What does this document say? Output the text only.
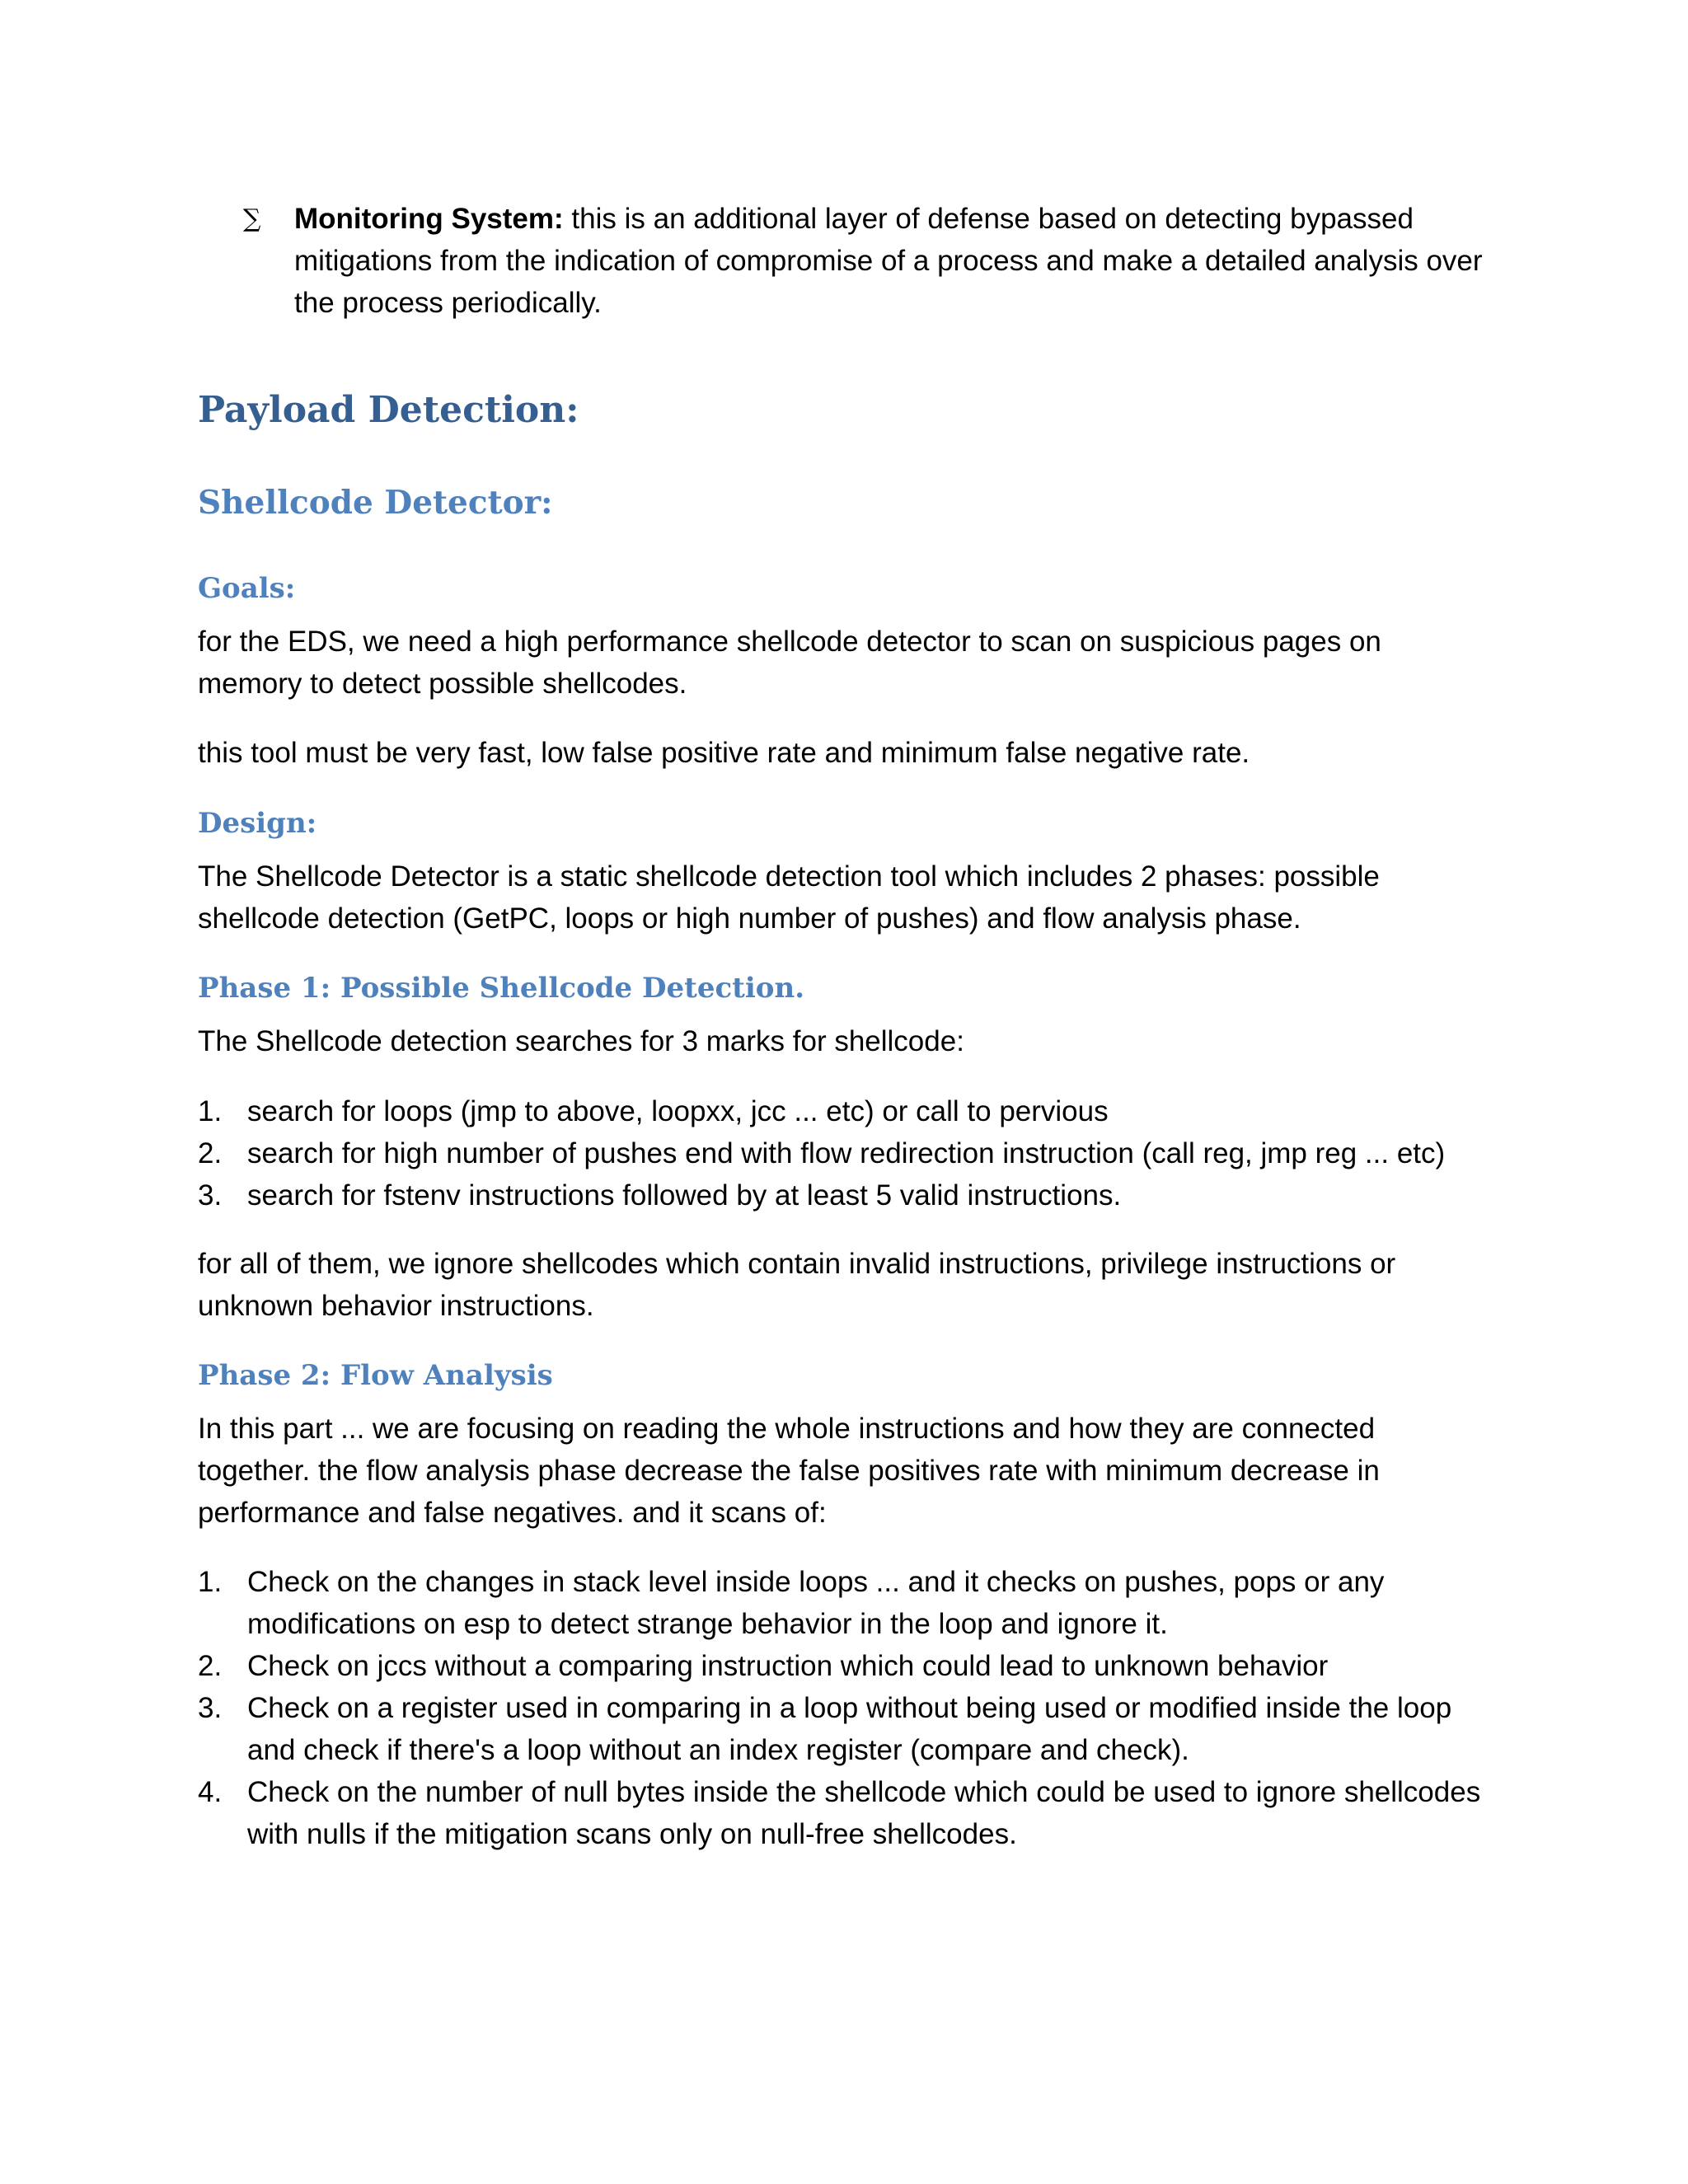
∑ Monitoring System: this is an additional layer of defense based on detecting bypassed mitigations from the indication of compromise of a process and make a detailed analysis over the process periodically.
Payload Detection:
Shellcode Detector:
Goals:

for the EDS, we need a high performance shellcode detector to scan on suspicious pages on memory to detect possible shellcodes.

this tool must be very fast, low false positive rate and minimum false negative rate.

Design:

The Shellcode Detector is a static shellcode detection tool which includes 2 phases: possible shellcode detection (GetPC, loops or high number of pushes) and flow analysis phase.

Phase 1: Possible Shellcode Detection.

The Shellcode detection searches for 3 marks for shellcode:

1. search for loops (jmp to above, loopxx, jcc ... etc) or call to pervious
2. search for high number of pushes end with flow redirection instruction (call reg, jmp reg ... etc)
3. search for fstenv instructions followed by at least 5 valid instructions.

for all of them, we ignore shellcodes which contain invalid instructions, privilege instructions or unknown behavior instructions.

Phase 2: Flow Analysis

In this part ... we are focusing on reading the whole instructions and how they are connected together. the flow analysis phase decrease the false positives rate with minimum decrease in performance and false negatives. and it scans of:

1. Check on the changes in stack level inside loops ... and it checks on pushes, pops or any modifications on esp to detect strange behavior in the loop and ignore it.
2. Check on jccs without a comparing instruction which could lead to unknown behavior
3. Check on a register used in comparing in a loop without being used or modified inside the loop and check if there's a loop without an index register (compare and check).
4. Check on the number of null bytes inside the shellcode which could be used to ignore shellcodes with nulls if the mitigation scans only on null-free shellcodes.
